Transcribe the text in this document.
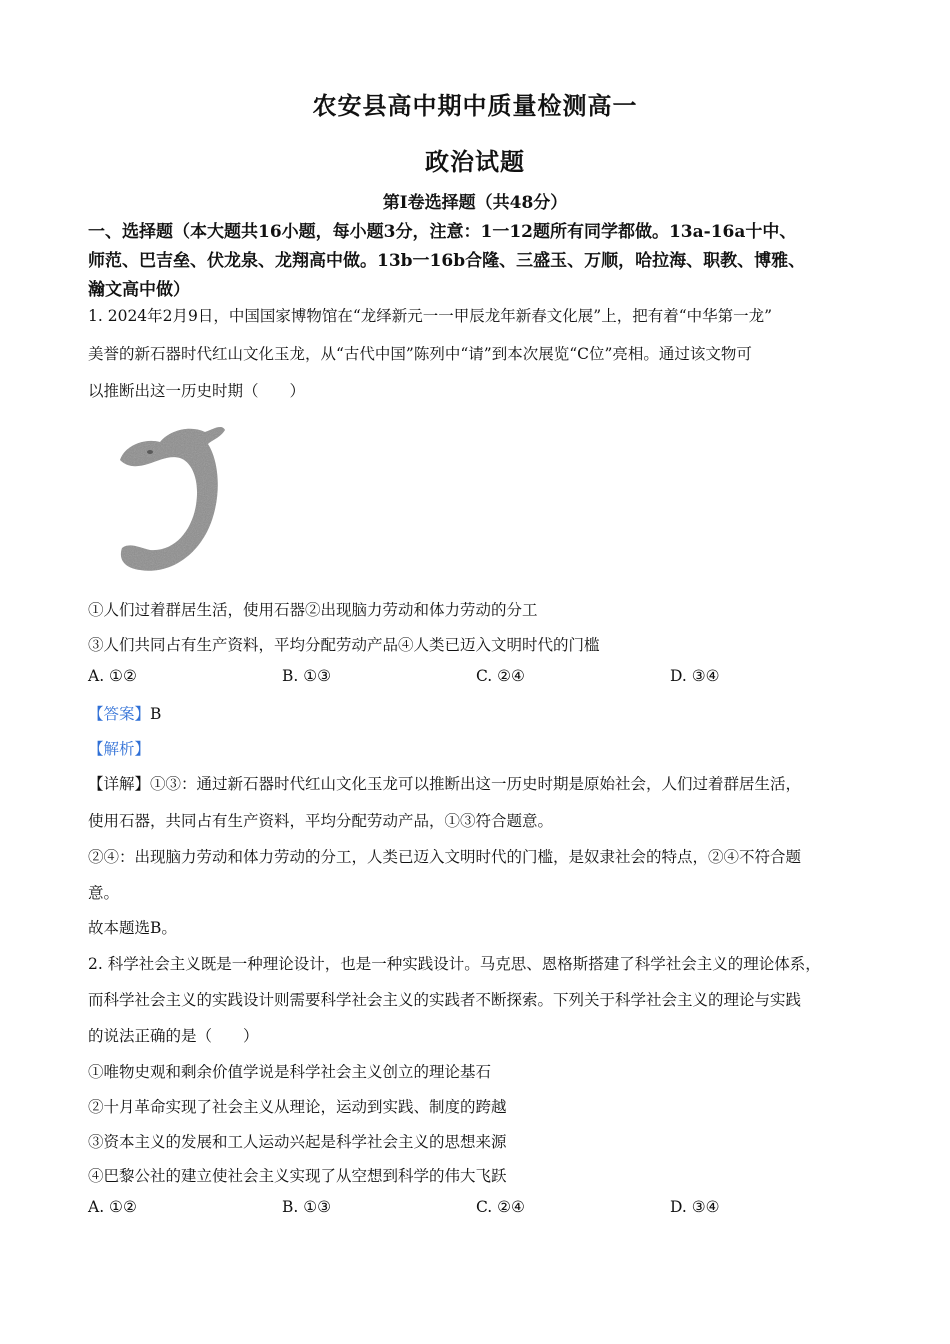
农安县高中期中质量检测高一
政治试题
第Ⅰ卷选择题（共48分）
一、选择题（本大题共16小题，每小题3分，注意：1一12题所有同学都做。13a-16a十中、
师范、巴吉垒、伏龙泉、龙翔高中做。13b一16b合隆、三盛玉、万顺，哈拉海、职教、博雅、
瀚文高中做）
1. 2024年2月9日，中国国家博物馆在“龙绎新元一一甲辰龙年新春文化展”上，把有着“中华第一龙”
美誉的新石器时代红山文化玉龙，从“古代中国”陈列中“请”到本次展览“C位”亮相。通过该文物可
以推断出这一历史时期（　　）
①人们过着群居生活，使用石器②出现脑力劳动和体力劳动的分工
③人们共同占有生产资料，平均分配劳动产品④人类已迈入文明时代的门槛
A. ①②	B. ①③	C. ②④	D. ③④
【答案】B
【解析】
【详解】①③：通过新石器时代红山文化玉龙可以推断出这一历史时期是原始社会，人们过着群居生活，
使用石器，共同占有生产资料，平均分配劳动产品，①③符合题意。
②④：出现脑力劳动和体力劳动的分工，人类已迈入文明时代的门槛，是奴隶社会的特点，②④不符合题
意。
故本题选B。
2. 科学社会主义既是一种理论设计，也是一种实践设计。马克思、恩格斯搭建了科学社会主义的理论体系，
而科学社会主义的实践设计则需要科学社会主义的实践者不断探索。下列关于科学社会主义的理论与实践
的说法正确的是（　　）
①唯物史观和剩余价值学说是科学社会主义创立的理论基石
②十月革命实现了社会主义从理论，运动到实践、制度的跨越
③资本主义的发展和工人运动兴起是科学社会主义的思想来源
④巴黎公社的建立使社会主义实现了从空想到科学的伟大飞跃
A. ①②	B. ①③	C. ②④	D. ③④
